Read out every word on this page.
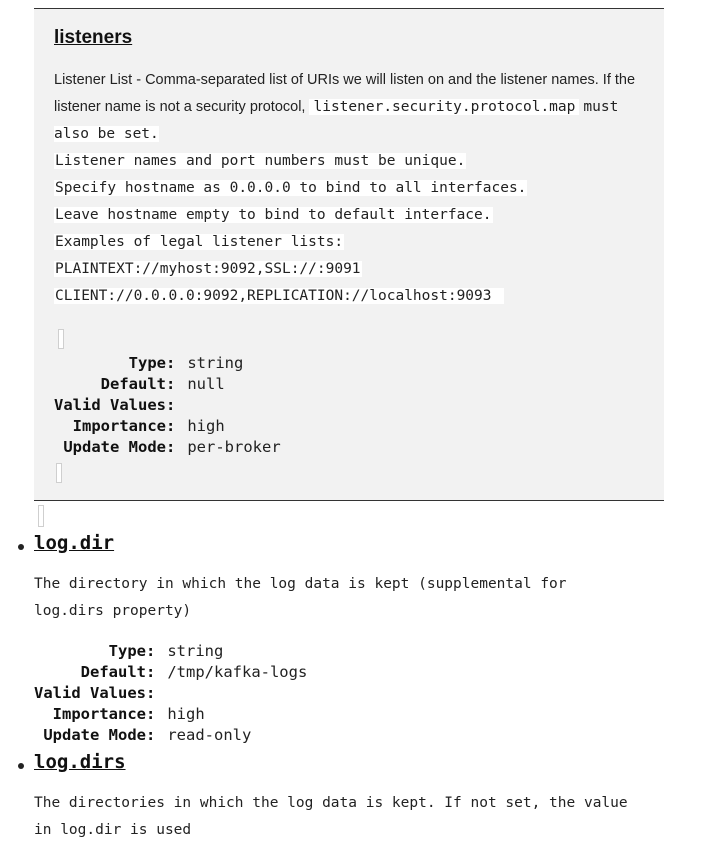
listeners
Listener List - Comma-separated list of URIs we will listen on and the listener names. If the
listener name is not a security protocol, listener.security.protocol.map must
also be set.
Listener names and port numbers must be unique.
Specify hostname as 0.0.0.0 to bind to all interfaces.
Leave hostname empty to bind to default interface.
Examples of legal listener lists:
PLAINTEXT://myhost:9092,SSL://:9091
CLIENT://0.0.0.0:9092,REPLICATION://localhost:9093
Type:	string
Default:	null
Valid Values:	
Importance:	high
Update Mode:	per-broker
log.dir
The directory in which the log data is kept (supplemental for
log.dirs property)
Type:	string
Default:	/tmp/kafka-logs
Valid Values:	
Importance:	high
Update Mode:	read-only
log.dirs
The directories in which the log data is kept. If not set, the value
in log.dir is used
